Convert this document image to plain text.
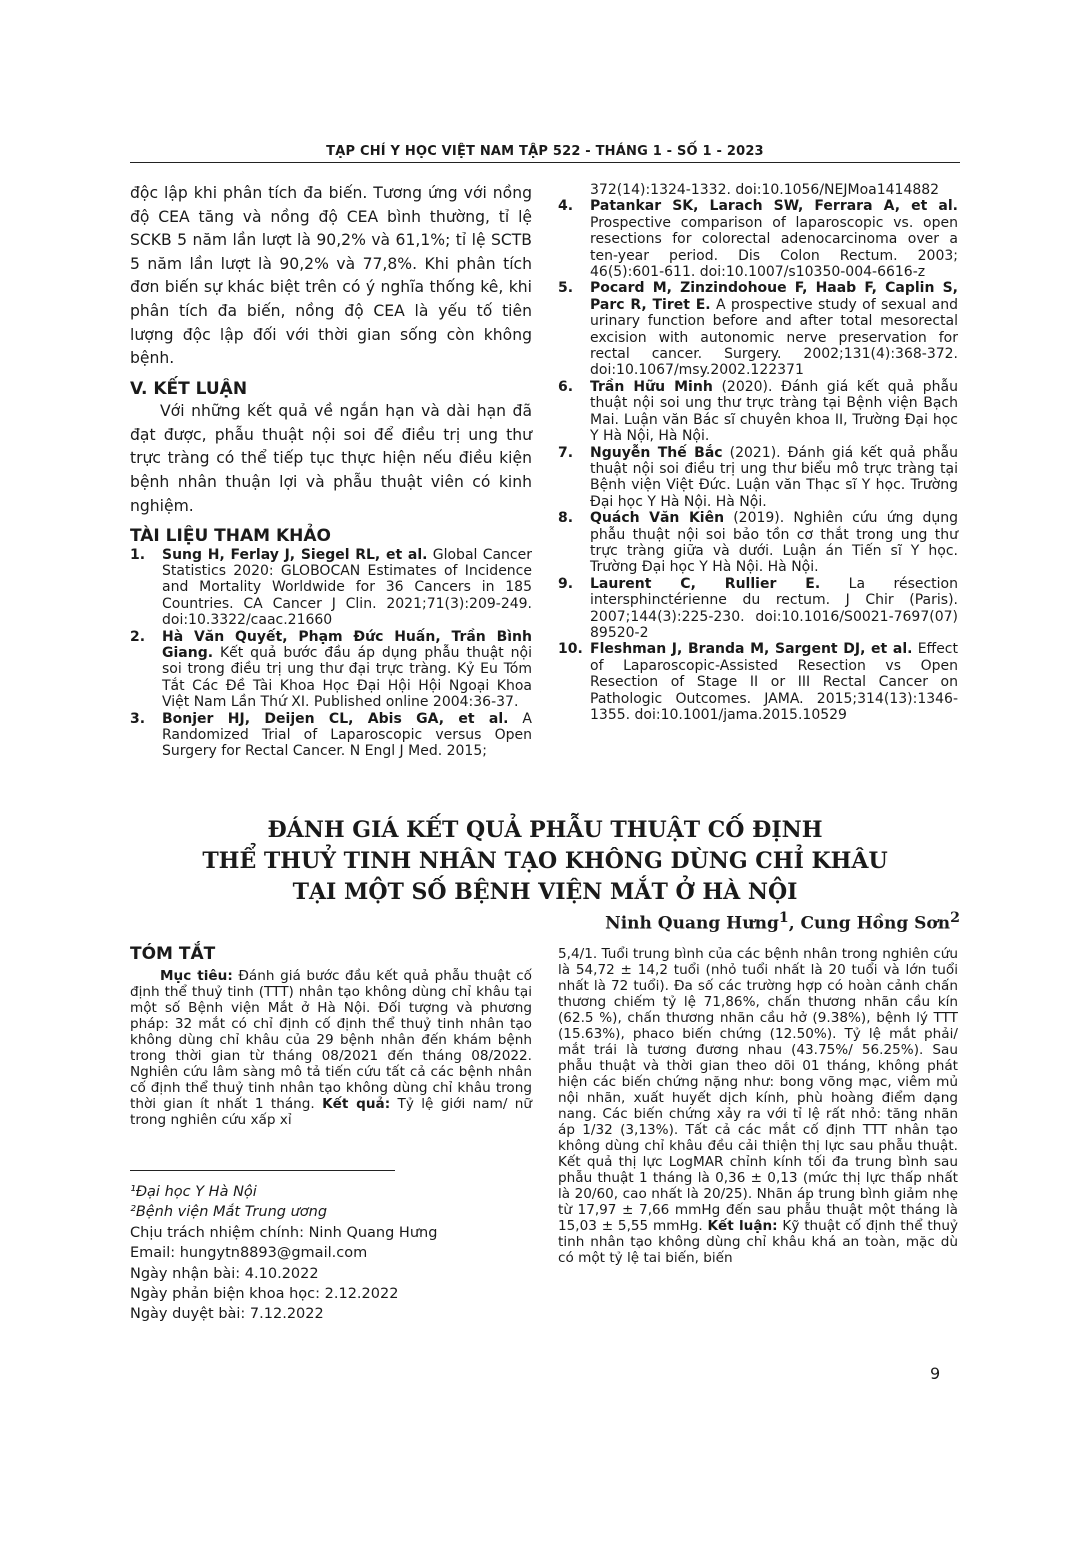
TẠP CHÍ Y HỌC VIỆT NAM TẬP 522 - THÁNG 1 - SỐ 1 - 2023

độc lập khi phân tích đa biến. Tương ứng với nồng độ CEA tăng và nồng độ CEA bình thường, tỉ lệ SCKB 5 năm lần lượt là 90,2% và 61,1%; tỉ lệ SCTB 5 năm lần lượt là 90,2% và 77,8%. Khi phân tích đơn biến sự khác biệt trên có ý nghĩa thống kê, khi phân tích đa biến, nồng độ CEA là yếu tố tiên lượng độc lập đối với thời gian sống còn không bệnh.

V. KẾT LUẬN

Với những kết quả về ngắn hạn và dài hạn đã đạt được, phẫu thuật nội soi để điều trị ung thư trực tràng có thể tiếp tục thực hiện nếu điều kiện bệnh nhân thuận lợi và phẫu thuật viên có kinh nghiệm.

TÀI LIỆU THAM KHẢO

1. Sung H, Ferlay J, Siegel RL, et al. Global Cancer Statistics 2020: GLOBOCAN Estimates of Incidence and Mortality Worldwide for 36 Cancers in 185 Countries. CA Cancer J Clin. 2021;71(3):209-249. doi:10.3322/caac.21660
2. Hà Văn Quyết, Phạm Đức Huấn, Trần Bình Giang. Kết quả bước đầu áp dụng phẫu thuật nội soi trong điều trị ung thư đại trực tràng. Kỷ Eu Tóm Tắt Các Đề Tài Khoa Học Đại Hội Hội Ngoại Khoa Việt Nam Lần Thứ XI. Published online 2004:36-37.
3. Bonjer HJ, Deijen CL, Abis GA, et al. A Randomized Trial of Laparoscopic versus Open Surgery for Rectal Cancer. N Engl J Med. 2015;
372(14):1324-1332. doi:10.1056/NEJMoa1414882
4. Patankar SK, Larach SW, Ferrara A, et al. Prospective comparison of laparoscopic vs. open resections for colorectal adenocarcinoma over a ten-year period. Dis Colon Rectum. 2003; 46(5):601-611. doi:10.1007/s10350-004-6616-z
5. Pocard M, Zinzindohoue F, Haab F, Caplin S, Parc R, Tiret E. A prospective study of sexual and urinary function before and after total mesorectal excision with autonomic nerve preservation for rectal cancer. Surgery. 2002;131(4):368-372. doi:10.1067/msy.2002.122371
6. Trần Hữu Minh (2020). Đánh giá kết quả phẫu thuật nội soi ung thư trực tràng tại Bệnh viện Bạch Mai. Luận văn Bác sĩ chuyên khoa II, Trường Đại học Y Hà Nội, Hà Nội.
7. Nguyễn Thế Bắc (2021). Đánh giá kết quả phẫu thuật nội soi điều trị ung thư biểu mô trực tràng tại Bệnh viện Việt Đức. Luận văn Thạc sĩ Y học. Trường Đại học Y Hà Nội. Hà Nội.
8. Quách Văn Kiên (2019). Nghiên cứu ứng dụng phẫu thuật nội soi bảo tồn cơ thắt trong ung thư trực tràng giữa và dưới. Luận án Tiến sĩ Y học. Trường Đại học Y Hà Nội. Hà Nội.
9. Laurent C, Rullier E. La résection intersphinctérienne du rectum. J Chir (Paris). 2007;144(3):225-230. doi:10.1016/S0021-7697(07) 89520-2
10. Fleshman J, Branda M, Sargent DJ, et al. Effect of Laparoscopic-Assisted Resection vs Open Resection of Stage II or III Rectal Cancer on Pathologic Outcomes. JAMA. 2015;314(13):1346-1355. doi:10.1001/jama.2015.10529
ĐÁNH GIÁ KẾT QUẢ PHẪU THUẬT CỐ ĐỊNH
THỂ THUỶ TINH NHÂN TẠO KHÔNG DÙNG CHỈ KHÂU
TẠI MỘT SỐ BỆNH VIỆN MẮT Ở HÀ NỘI
Ninh Quang Hưng$^1$, Cung Hồng Sơn$^2$

TÓM TẮT

Mục tiêu: Đánh giá bước đầu kết quả phẫu thuật cố định thể thuỷ tinh (TTT) nhân tạo không dùng chỉ khâu tại một số Bệnh viện Mắt ở Hà Nội. Đối tượng và phương pháp: 32 mắt có chỉ định cố định thể thuỷ tinh nhân tạo không dùng chỉ khâu của 29 bệnh nhân đến khám bệnh trong thời gian từ tháng 08/2021 đến tháng 08/2022. Nghiên cứu lâm sàng mô tả tiến cứu tất cả các bệnh nhân cố định thể thuỷ tinh nhân tạo không dùng chỉ khâu trong thời gian ít nhất 1 tháng. Kết quả: Tỷ lệ giới nam/ nữ trong nghiên cứu xấp xỉ

5,4/1. Tuổi trung bình của các bệnh nhân trong nghiên cứu là 54,72 ± 14,2 tuổi (nhỏ tuổi nhất là 20 tuổi và lớn tuổi nhất là 72 tuổi). Đa số các trường hợp có hoàn cảnh chấn thương chiếm tỷ lệ 71,86%, chấn thương nhãn cầu kín (62.5 %), chấn thương nhãn cầu hở (9.38%), bệnh lý TTT (15.63%), phaco biến chứng (12.50%). Tỷ lệ mắt phải/ mắt trái là tương đương nhau (43.75%/ 56.25%). Sau phẫu thuật và thời gian theo dõi 01 tháng, không phát hiện các biến chứng nặng như: bong võng mạc, viêm mủ nội nhãn, xuất huyết dịch kính, phù hoàng điểm dạng nang. Các biến chứng xảy ra với tỉ lệ rất nhỏ: tăng nhãn áp 1/32 (3,13%). Tất cả các mắt cố định TTT nhân tạo không dùng chỉ khâu đều cải thiện thị lực sau phẫu thuật. Kết quả thị lực LogMAR chỉnh kính tối đa trung bình sau phẫu thuật 1 tháng là 0,36 ± 0,13 (mức thị lực thấp nhất là 20/60, cao nhất là 20/25). Nhãn áp trung bình giảm nhẹ từ 17,97 ± 7,66 mmHg đến sau phẫu thuật một tháng là 15,03 ± 5,55 mmHg. Kết luận: Kỹ thuật cố định thể thuỷ tinh nhân tạo không dùng chỉ khâu khá an toàn, mặc dù có một tỷ lệ tai biến, biến

¹Đại học Y Hà Nội
²Bệnh viện Mắt Trung ương
Chịu trách nhiệm chính: Ninh Quang Hưng
Email: hungytn8893@gmail.com
Ngày nhận bài: 4.10.2022
Ngày phản biện khoa học: 2.12.2022
Ngày duyệt bài: 7.12.2022
9
